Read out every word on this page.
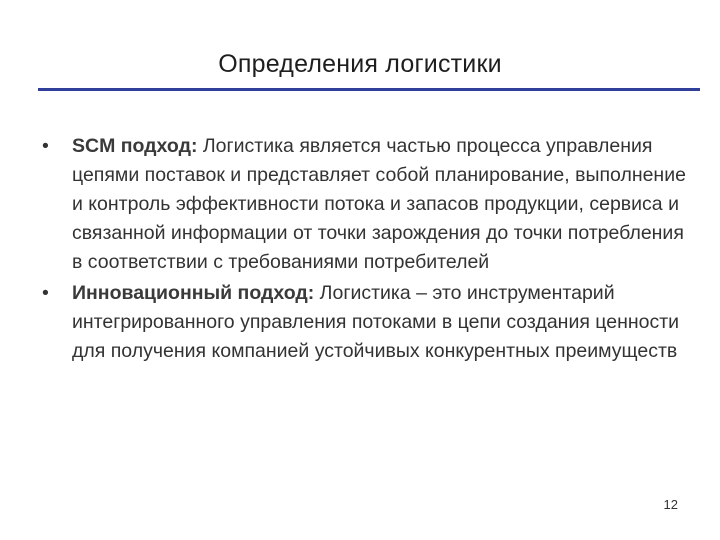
Определения логистики
• SCM подход: Логистика является частью процесса управления цепями поставок и представляет собой планирование, выполнение и контроль эффективности потока и запасов продукции, сервиса и связанной информации от точки зарождения до точки потребления в соответствии с требованиями потребителей
• Инновационный подход: Логистика – это инструментарий интегрированного управления потоками в цепи создания ценности для получения компанией устойчивых конкурентных преимуществ
12
